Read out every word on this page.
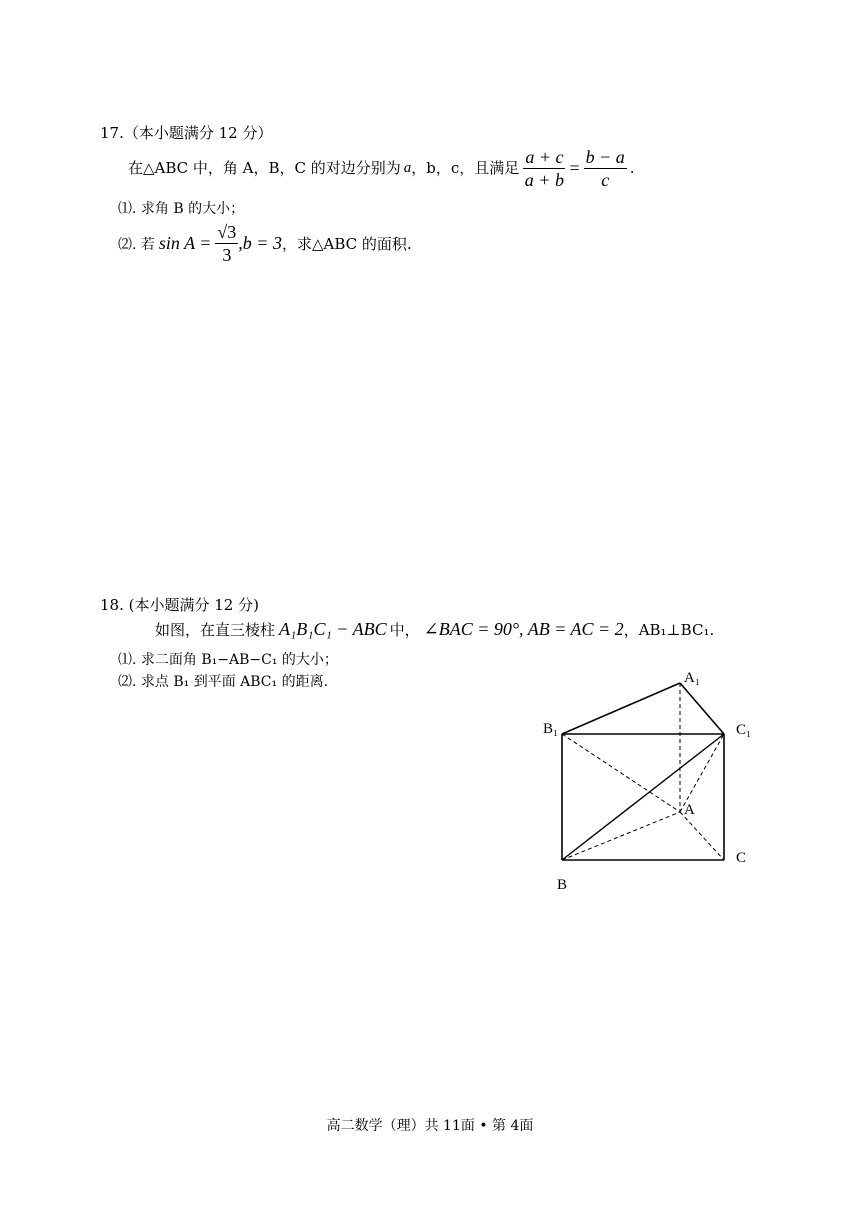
17.（本小题满分 12 分）
在△ABC 中，角 A，B，C 的对边分别为 a ，b，c，且满足 $\frac{a + c}{a + b} = \frac{b - a}{c}$ .
⑴. 求角 B 的大小；
⑵. 若 $\sin A = \frac{√3}{3} ,b = 3$ ，求△ABC 的面积.
18. (本小题满分 12 分)
如图，在直三棱柱 A₁B₁C₁ − ABC 中， ∠BAC = 90°, AB = AC = 2 ，AB₁⊥BC₁.
⑴. 求二面角 B₁−AB−C₁ 的大小；
⑵. 求点 B₁ 到平面 ABC₁ 的距离.	A₁
B₁	C₁
A
B
C
高二数学（理）共 11面 • 第 4面
